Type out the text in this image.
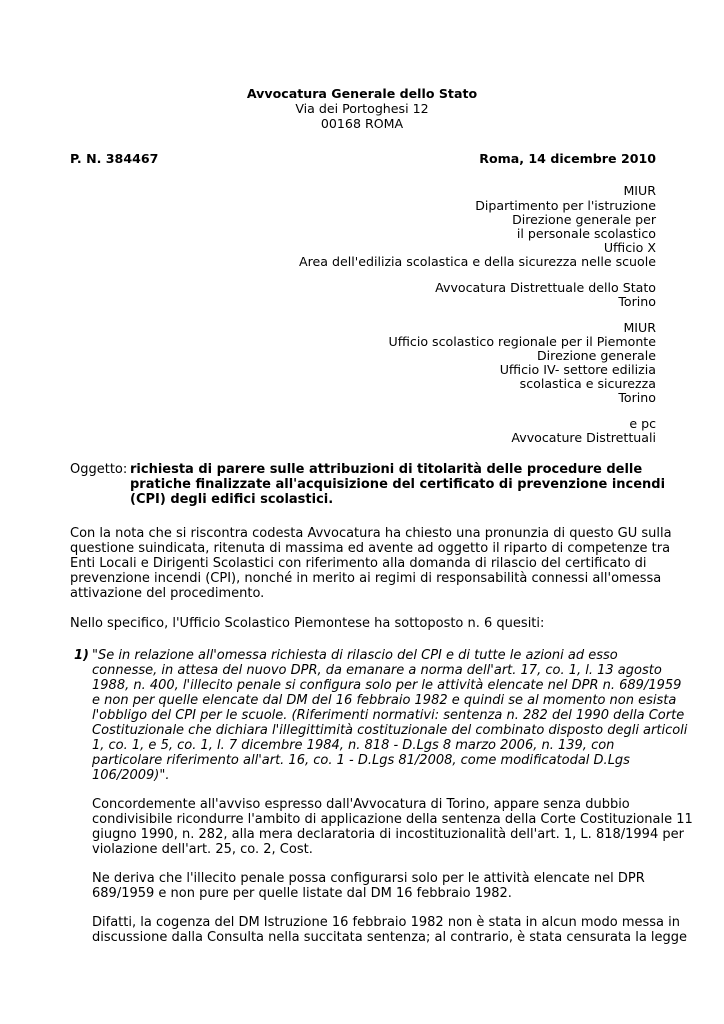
Avvocatura Generale dello Stato
Via dei Portoghesi 12
00168 ROMA
P. N. 384467	Roma, 14 dicembre 2010
MIUR
Dipartimento per l'istruzione
Direzione generale per
il personale scolastico
Ufficio X
Area dell'edilizia scolastica e della sicurezza nelle scuole
Avvocatura Distrettuale dello Stato
Torino
MIUR
Ufficio scolastico regionale per il Piemonte
Direzione generale
Ufficio IV- settore edilizia
scolastica e sicurezza
Torino
e pc
Avvocature Distrettuali
Oggetto: richiesta di parere sulle attribuzioni di titolarità delle procedure delle
pratiche finalizzate all'acquisizione del certificato di prevenzione incendi
(CPI) degli edifici scolastici.
Con la nota che si riscontra codesta Avvocatura ha chiesto una pronunzia di questo GU sulla
questione suindicata, ritenuta di massima ed avente ad oggetto il riparto di competenze tra
Enti Locali e Dirigenti Scolastici con riferimento alla domanda di rilascio del certificato di
prevenzione incendi (CPI), nonché in merito ai regimi di responsabilità connessi all'omessa
attivazione del procedimento.
Nello specifico, l'Ufficio Scolastico Piemontese ha sottoposto n. 6 quesiti:
1) "Se in relazione all'omessa richiesta di rilascio del CPI e di tutte le azioni ad esso
connesse, in attesa del nuovo DPR, da emanare a norma dell'art. 17, co. 1, l. 13 agosto
1988, n. 400, l'illecito penale si configura solo per le attività elencate nel DPR n. 689/1959
e non per quelle elencate dal DM del 16 febbraio 1982 e quindi se al momento non esista
l'obbligo del CPI per le scuole. (Riferimenti normativi: sentenza n. 282 del 1990 della Corte
Costituzionale che dichiara l'illegittimità costituzionale del combinato disposto degli articoli
1, co. 1, e 5, co. 1, l. 7 dicembre 1984, n. 818 - D.Lgs 8 marzo 2006, n. 139, con
particolare riferimento all'art. 16, co. 1 - D.Lgs 81/2008, come modificatodal D.Lgs
106/2009)".
Concordemente all'avviso espresso dall'Avvocatura di Torino, appare senza dubbio
condivisibile ricondurre l'ambito di applicazione della sentenza della Corte Costituzionale 11
giugno 1990, n. 282, alla mera declaratoria di incostituzionalità dell'art. 1, L. 818/1994 per
violazione dell'art. 25, co. 2, Cost.
Ne deriva che l'illecito penale possa configurarsi solo per le attività elencate nel DPR
689/1959 e non pure per quelle listate dal DM 16 febbraio 1982.
Difatti, la cogenza del DM Istruzione 16 febbraio 1982 non è stata in alcun modo messa in
discussione dalla Consulta nella succitata sentenza; al contrario, è stata censurata la legge
